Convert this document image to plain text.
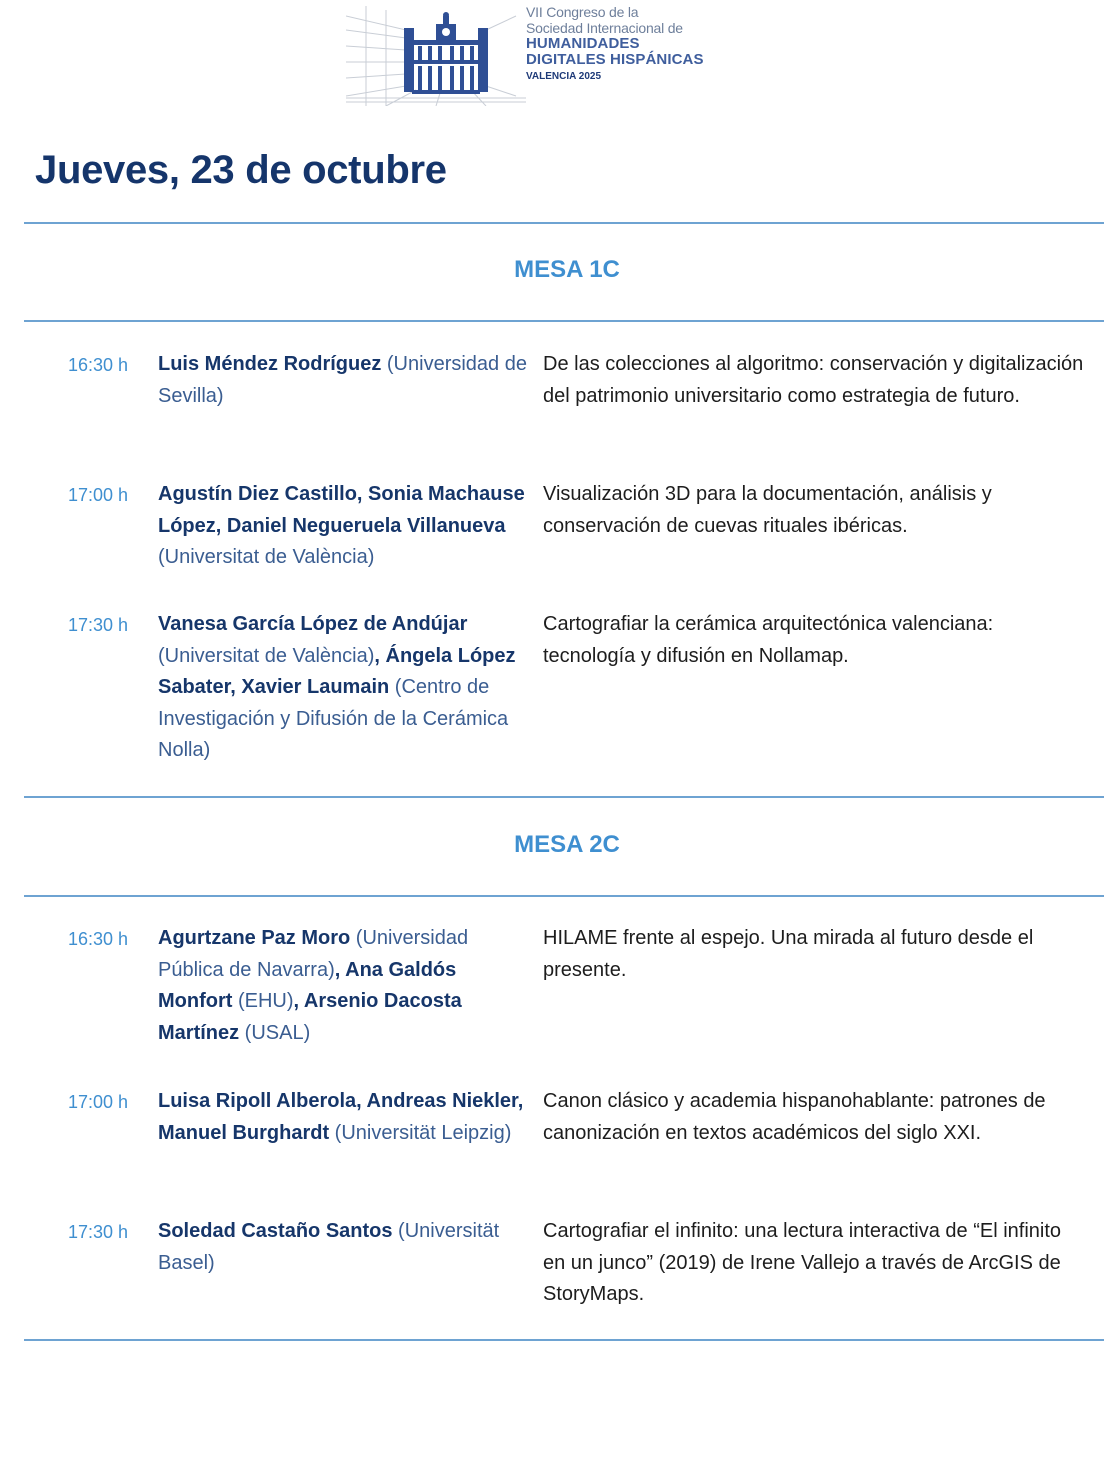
VII Congreso de la
Sociedad Internacional de
HUMANIDADES
DIGITALES HISPÁNICAS
VALENCIA 2025
Jueves, 23 de octubre
MESA 1C
16:30 h Luis Méndez Rodríguez (Universidad de Sevilla)
De las colecciones al algoritmo: conservación y digitalización del patrimonio universitario como estrategia de futuro.
17:00 h Agustín Diez Castillo, Sonia Machause López, Daniel Negueruela Villanueva (Universitat de València)
Visualización 3D para la documentación, análisis y conservación de cuevas rituales ibéricas.
17:30 h Vanesa García López de Andújar (Universitat de València), Ángela López Sabater, Xavier Laumain (Centro de Investigación y Difusión de la Cerámica Nolla)
Cartografiar la cerámica arquitectónica valenciana: tecnología y difusión en Nollamap.
MESA 2C
16:30 h Agurtzane Paz Moro (Universidad Pública de Navarra), Ana Galdós Monfort (EHU), Arsenio Dacosta Martínez (USAL)
HILAME frente al espejo. Una mirada al futuro desde el presente.
17:00 h Luisa Ripoll Alberola, Andreas Niekler, Manuel Burghardt (Universität Leipzig)
Canon clásico y academia hispanohablante: patrones de canonización en textos académicos del siglo XXI.
17:30 h Soledad Castaño Santos (Universität Basel)
Cartografiar el infinito: una lectura interactiva de “El infinito en un junco” (2019) de Irene Vallejo a través de ArcGIS de StoryMaps.
